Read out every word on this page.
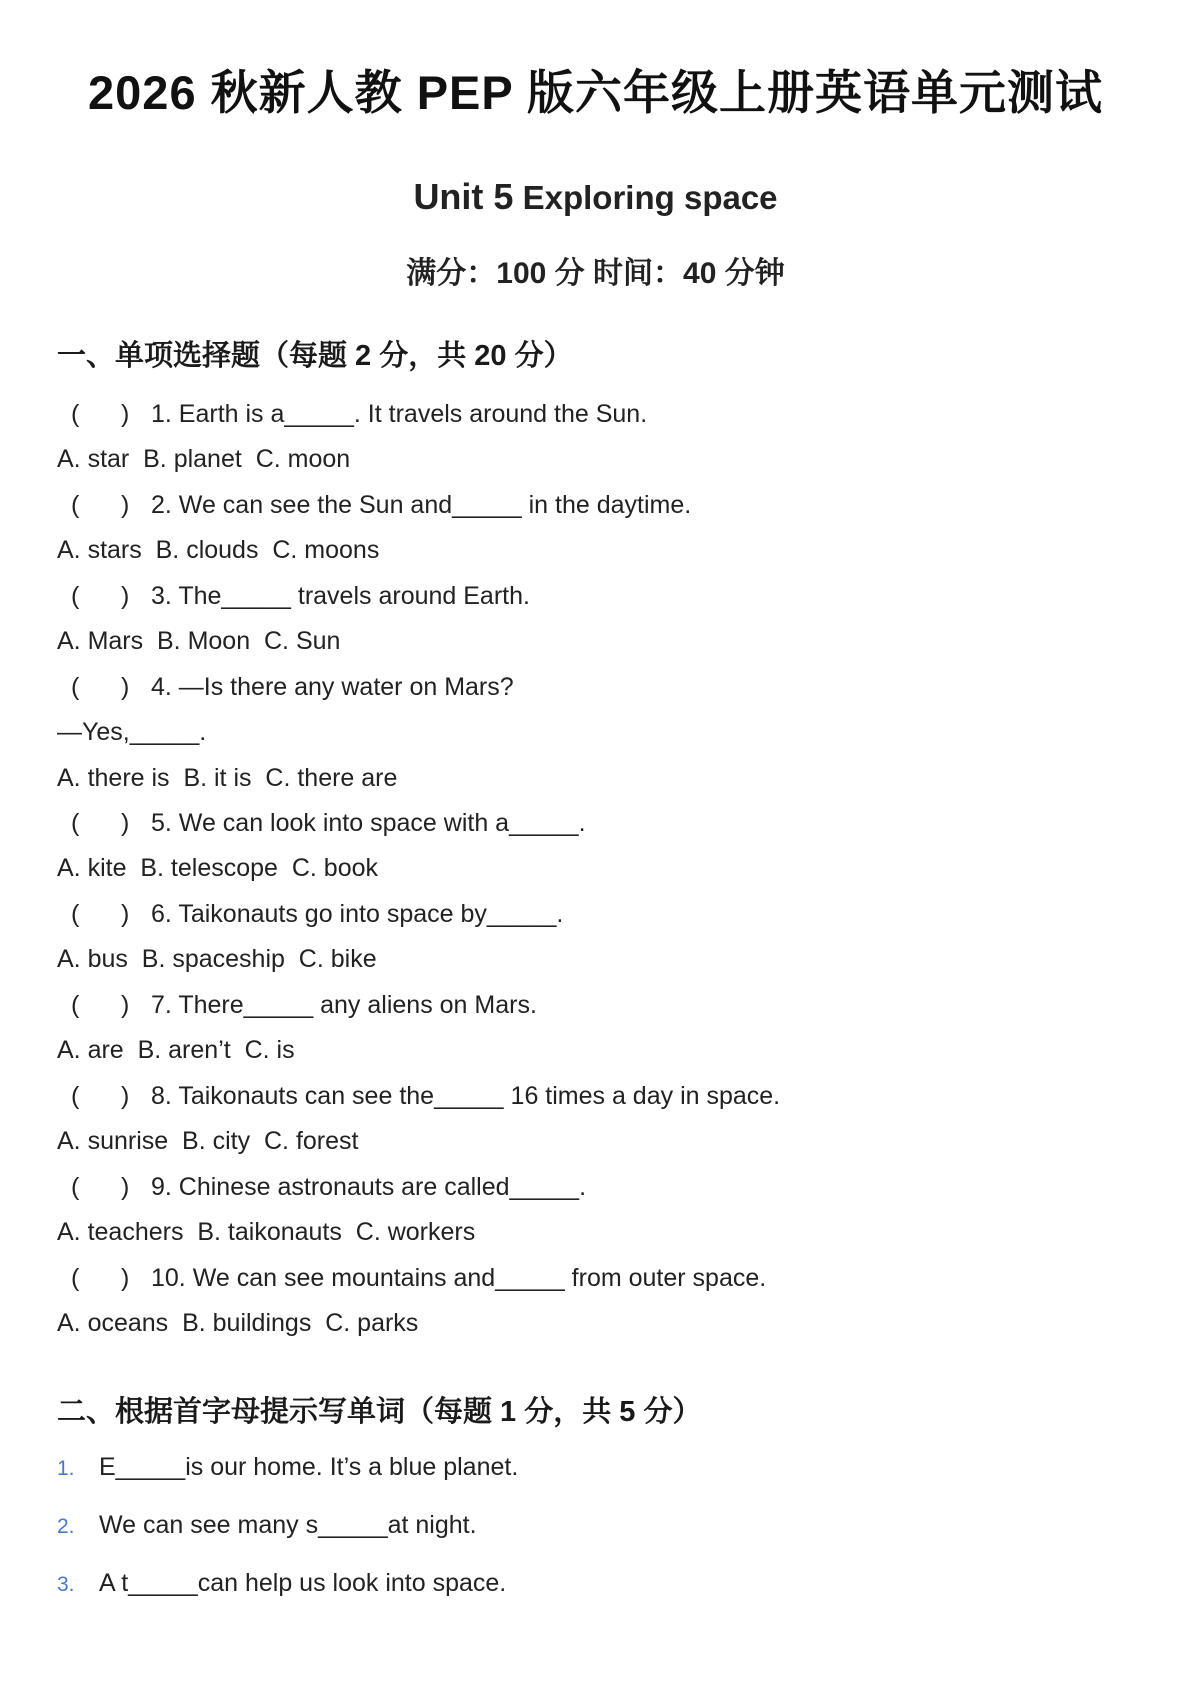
2026 秋新人教 PEP 版六年级上册英语单元测试
Unit 5 Exploring space
满分：100 分 时间：40 分钟
一、单项选择题（每题 2 分，共 20 分）
(      ) 1. Earth is a_____. It travels around the Sun.
A. star  B. planet  C. moon
(      ) 2. We can see the Sun and_____ in the daytime.
A. stars  B. clouds  C. moons
(      ) 3. The_____ travels around Earth.
A. Mars  B. Moon  C. Sun
(      ) 4. —Is there any water on Mars?
—Yes,_____.
A. there is  B. it is  C. there are
(      ) 5. We can look into space with a_____.
A. kite  B. telescope  C. book
(      ) 6. Taikonauts go into space by_____.
A. bus  B. spaceship  C. bike
(      ) 7. There_____ any aliens on Mars.
A. are  B. aren’t  C. is
(      ) 8. Taikonauts can see the_____ 16 times a day in space.
A. sunrise  B. city  C. forest
(      ) 9. Chinese astronauts are called_____.
A. teachers  B. taikonauts  C. workers
(      ) 10. We can see mountains and_____ from outer space.
A. oceans  B. buildings  C. parks
二、根据首字母提示写单词（每题 1 分，共 5 分）
1. E_____is our home. It’s a blue planet.
2. We can see many s_____at night.
3. A t_____can help us look into space.
